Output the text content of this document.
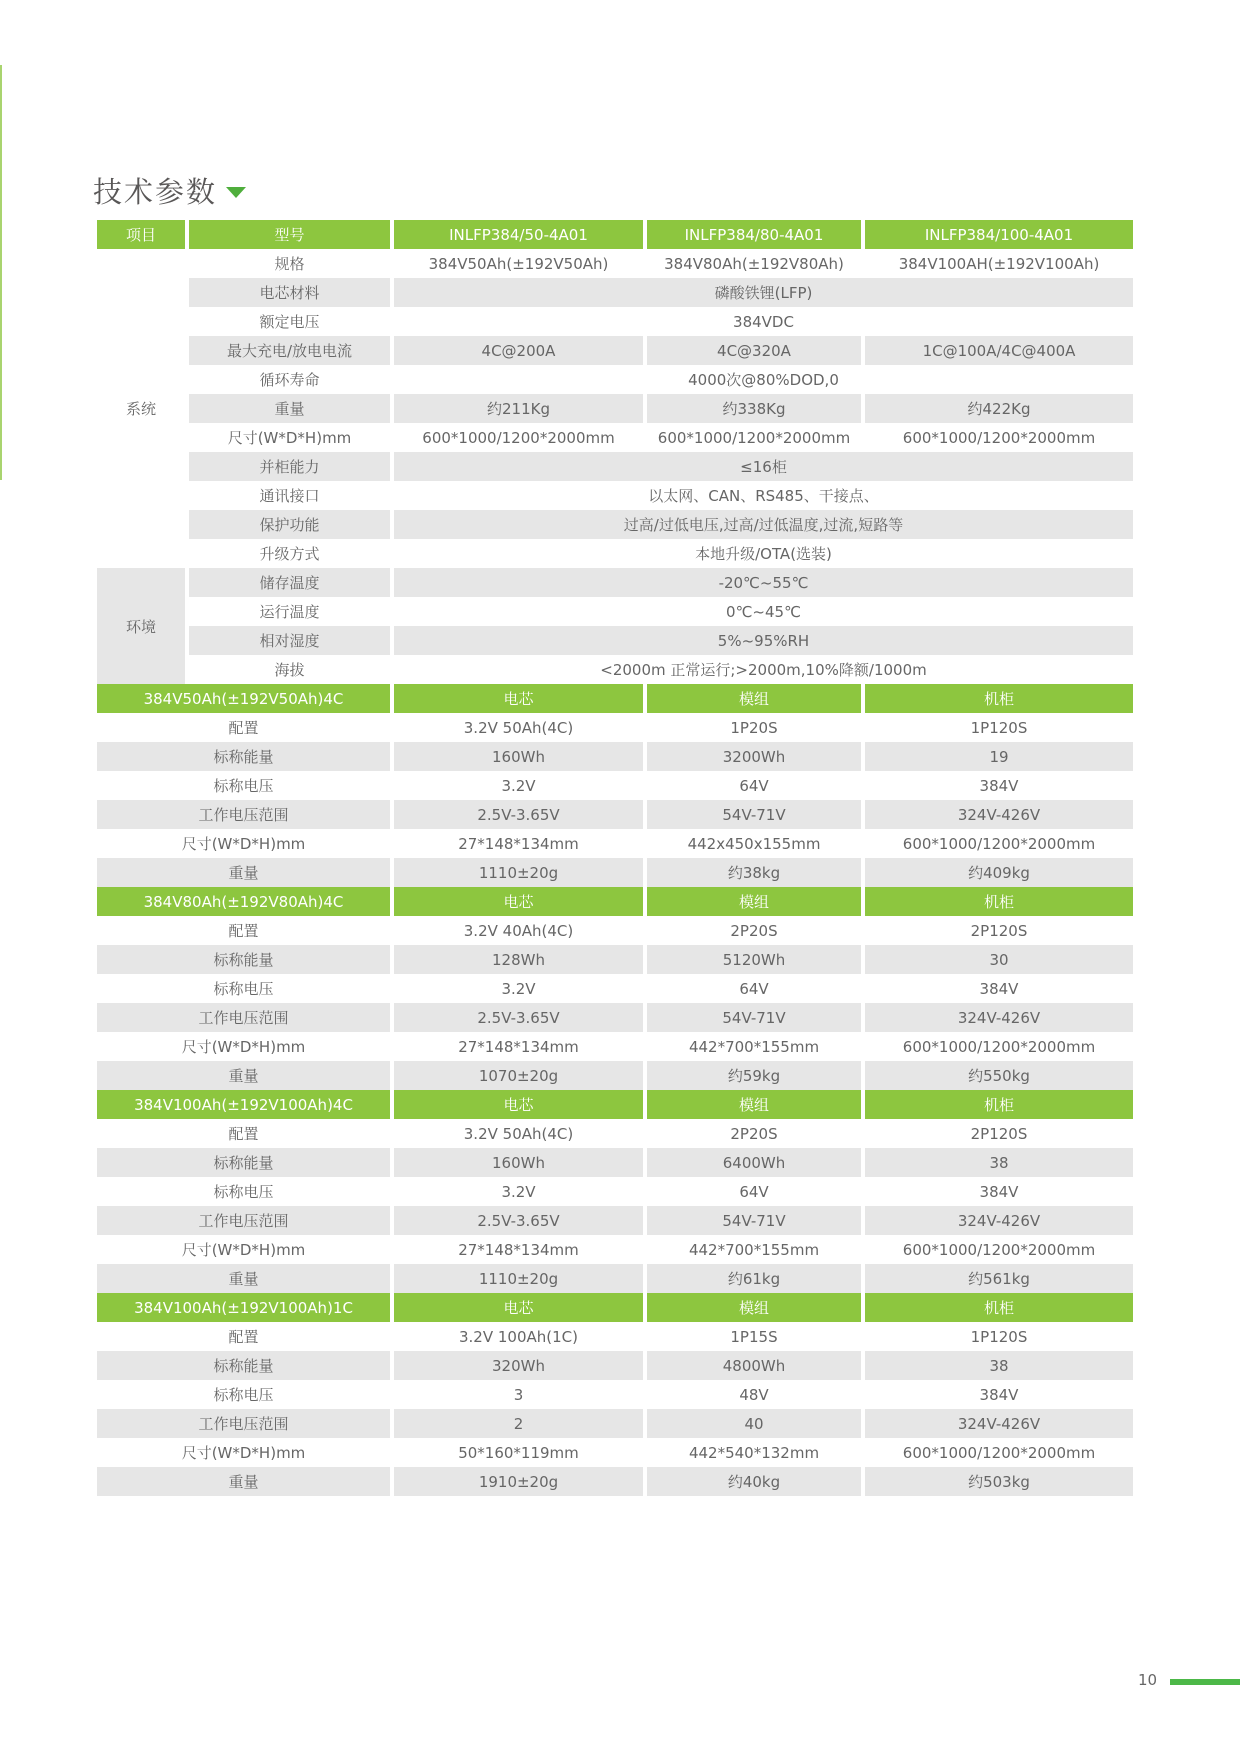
技术参数
项目	型号	INLFP384/50-4A01	INLFP384/80-4A01	INLFP384/100-4A01
系统
规格	384V50Ah(±192V50Ah)	384V80Ah(±192V80Ah)	384V100AH(±192V100Ah)
电芯材料	磷酸铁锂(LFP)
额定电压	384VDC
最大充电/放电电流	4C@200A	4C@320A	1C@100A/4C@400A
循环寿命	4000次@80%DOD,0
重量	约211Kg	约338Kg	约422Kg
尺寸(W*D*H)mm	600*1000/1200*2000mm	600*1000/1200*2000mm	600*1000/1200*2000mm
并柜能力	≤16柜
通讯接口	以太网、CAN、RS485、干接点、
保护功能	过高/过低电压,过高/过低温度,过流,短路等
升级方式	本地升级/OTA(选装)
环境
储存温度	-20℃~55℃
运行温度	0℃~45℃
相对湿度	5%~95%RH
海拔	<2000m 正常运行;>2000m,10%降额/1000m
384V50Ah(±192V50Ah)4C	电芯	模组	机柜
配置	3.2V 50Ah(4C)	1P20S	1P120S
标称能量	160Wh	3200Wh	19
标称电压	3.2V	64V	384V
工作电压范围	2.5V-3.65V	54V-71V	324V-426V
尺寸(W*D*H)mm	27*148*134mm	442x450x155mm	600*1000/1200*2000mm
重量	1110±20g	约38kg	约409kg
384V80Ah(±192V80Ah)4C	电芯	模组	机柜
配置	3.2V 40Ah(4C)	2P20S	2P120S
标称能量	128Wh	5120Wh	30
标称电压	3.2V	64V	384V
工作电压范围	2.5V-3.65V	54V-71V	324V-426V
尺寸(W*D*H)mm	27*148*134mm	442*700*155mm	600*1000/1200*2000mm
重量	1070±20g	约59kg	约550kg
384V100Ah(±192V100Ah)4C	电芯	模组	机柜
配置	3.2V 50Ah(4C)	2P20S	2P120S
标称能量	160Wh	6400Wh	38
标称电压	3.2V	64V	384V
工作电压范围	2.5V-3.65V	54V-71V	324V-426V
尺寸(W*D*H)mm	27*148*134mm	442*700*155mm	600*1000/1200*2000mm
重量	1110±20g	约61kg	约561kg
384V100Ah(±192V100Ah)1C	电芯	模组	机柜
配置	3.2V 100Ah(1C)	1P15S	1P120S
标称能量	320Wh	4800Wh	38
标称电压	3	48V	384V
工作电压范围	2	40	324V-426V
尺寸(W*D*H)mm	50*160*119mm	442*540*132mm	600*1000/1200*2000mm
重量	1910±20g	约40kg	约503kg
10
